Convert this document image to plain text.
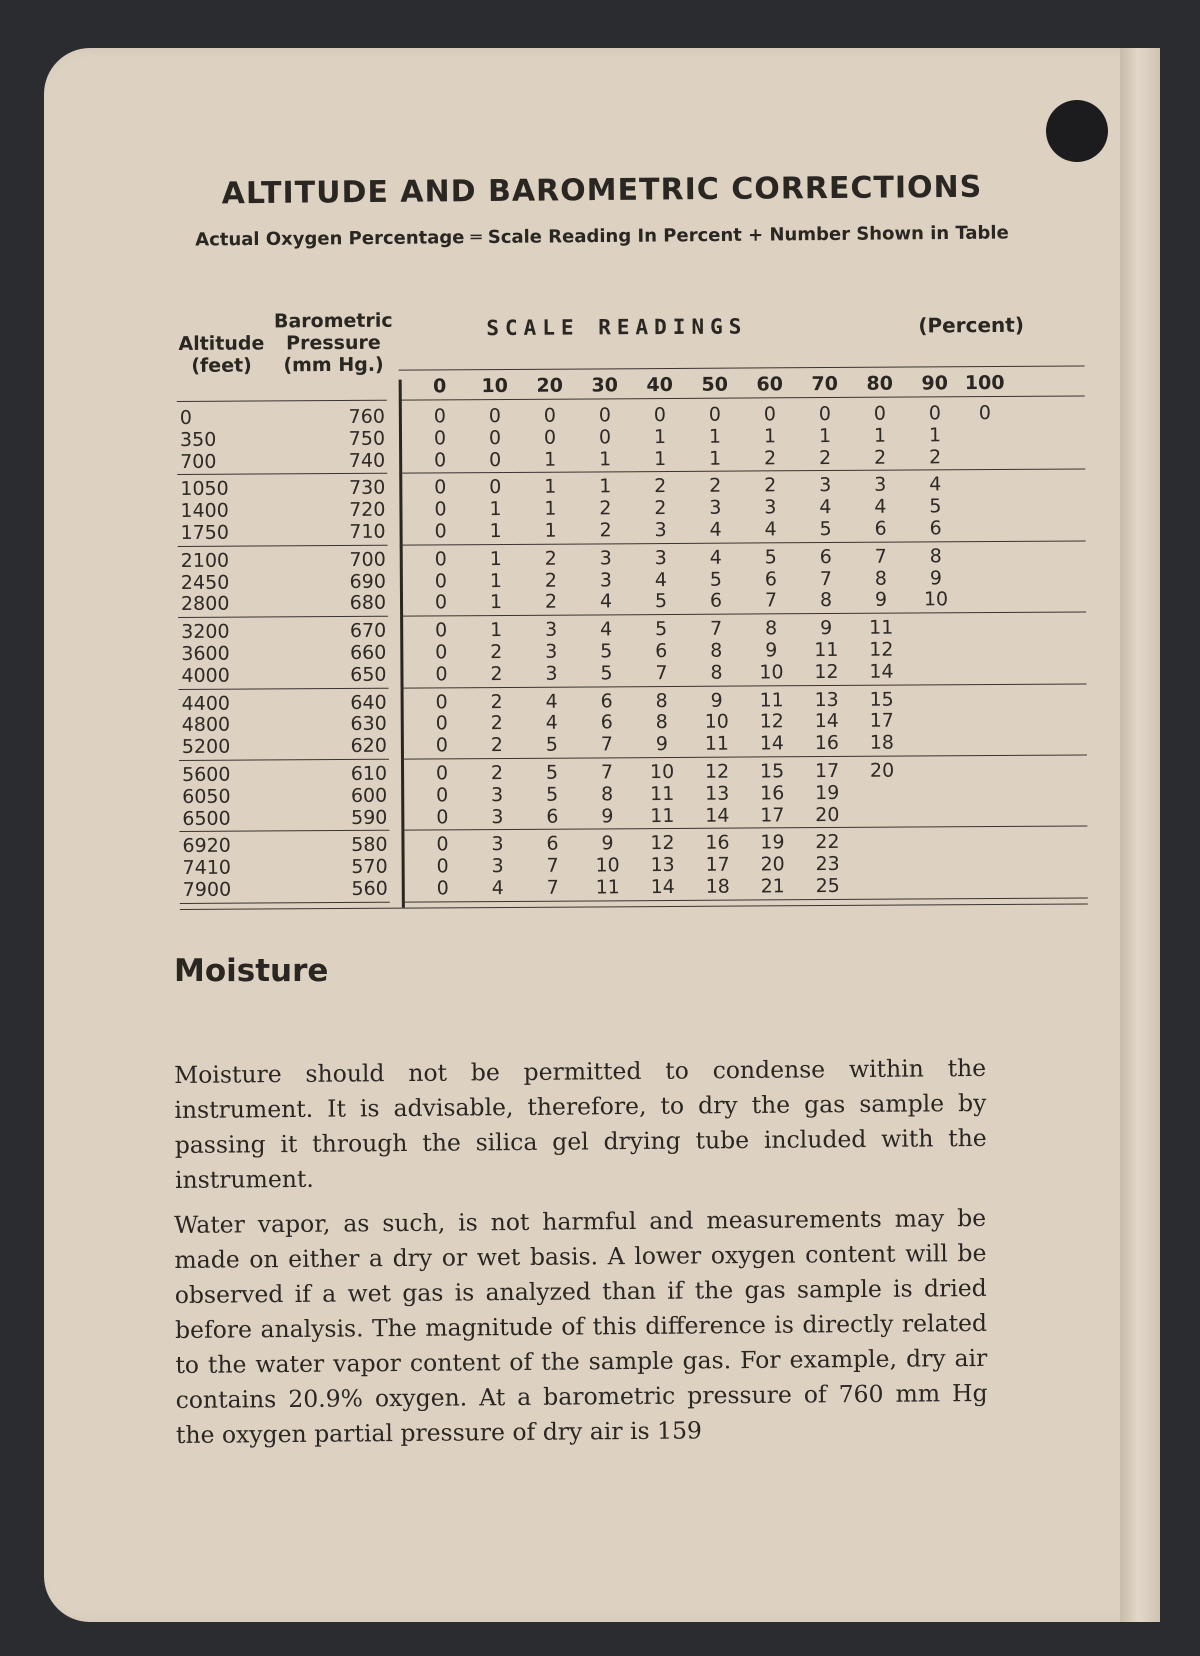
ALTITUDE AND BAROMETRIC CORRECTIONS
Actual Oxygen Percentage ═ Scale Reading In Percent + Number Shown in Table
Altitude
(feet)
Barometric
Pressure
(mm Hg.)
SCALE READINGS	(Percent)
0	10	20	30	40	50	60	70	80	90 100
0	760	0	0	0	0	0	0	0	0	0	0	0
350	750	0	0	0	0	1	1	1	1	1	1
700	740	0	0	1	1	1	1	2	2	2	2
1050	730	0	0	1	1	2	2	2	3	3	4
1400	720	0	1	1	2	2	3	3	4	4	5
1750	710	0	1	1	2	3	4	4	5	6	6
2100	700	0	1	2	3	3	4	5	6	7	8
2450	690	0	1	2	3	4	5	6	7	8	9
2800	680	0	1	2	4	5	6	7	8	9	10
3200	670	0	1	3	4	5	7	8	9	11
3600	660	0	2	3	5	6	8	9	11	12
4000	650	0	2	3	5	7	8	10	12	14
4400	640	0	2	4	6	8	9	11	13	15
4800	630	0	2	4	6	8	10	12	14	17
5200	620	0	2	5	7	9	11	14	16	18
5600	610	0	2	5	7	10	12	15	17	20
6050	600	0	3	5	8	11	13	16	19
6500	590	0	3	6	9	11	14	17	20
6920	580	0	3	6	9	12	16	19	22
7410	570	0	3	7	10	13	17	20	23
7900	560	0	4	7	11	14	18	21	25
Moisture
Moisture should not be permitted to condense within the instrument. It is advisable, therefore, to dry the gas sample by passing it through the silica gel drying tube included with the instrument.
Water vapor, as such, is not harmful and measurements may be made on either a dry or wet basis. A lower oxygen content will be observed if a wet gas is analyzed than if the gas sample is dried before analysis. The magnitude of this difference is directly related to the water vapor content of the sample gas. For example, dry air contains 20.9% oxygen. At a barometric pressure of 760 mm Hg the oxygen partial pressure of dry air is 159
